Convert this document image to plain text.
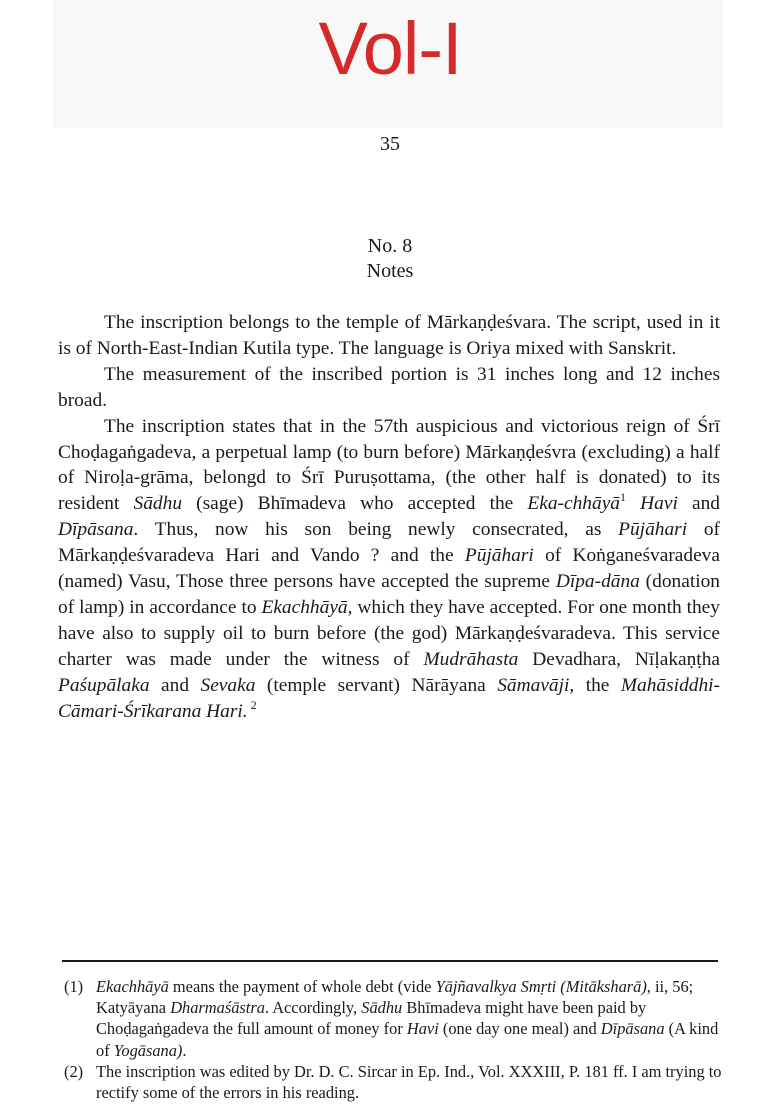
Vol-I
35
No. 8
Notes

The inscription belongs to the temple of Mārkaṇḍeśvara. The script, used in it is of North-East-Indian Kutila type. The language is Oriya mixed with Sanskrit.

The measurement of the inscribed portion is 31 inches long and 12 inches broad.

The inscription states that in the 57th auspicious and victorious reign of Śrī Choḍagaṅgadeva, a perpetual lamp (to burn before) Mārkaṇḍeśvra (excluding) a half of Niroḷa-grāma, belongd to Śrī Puruṣottama, (the other half is donated) to its resident Sādhu (sage) Bhīmadeva who accepted the Eka-chhāyā$^1$ Havi and Dīpāsana. Thus, now his son being newly consecrated, as Pūjāhari of Mārkaṇḍeśvaradeva Hari and Vando ? and the Pūjāhari of Koṅganeśvaradeva (named) Vasu, Those three persons have accepted the supreme Dīpa-dāna (donation of lamp) in accordance to Ekachhāyā, which they have accepted. For one month they have also to supply oil to burn before (the god) Mārkaṇḍeśvaradeva. This service charter was made under the witness of Mudrāhasta Devadhara, Nīḷakaṇṭha Paśupālaka and Sevaka (temple servant) Nārāyana Sāmavāji, the Mahāsiddhi-Cāmari-Śrīkarana Hari. $^2$

(1) Ekachhāyā means the payment of whole debt (vide Yājñavalkya Smṛti (Mitāksharā), ii, 56; Katyāyana Dharmaśāstra. Accordingly, Sādhu Bhīmadeva might have been paid by Choḍagaṅgadeva the full amount of money for Havi (one day one meal) and Dīpāsana (A kind of Yogāsana).
(2) The inscription was edited by Dr. D. C. Sircar in Ep. Ind., Vol. XXXIII, P. 181 ff. I am trying to rectify some of the errors in his reading.
